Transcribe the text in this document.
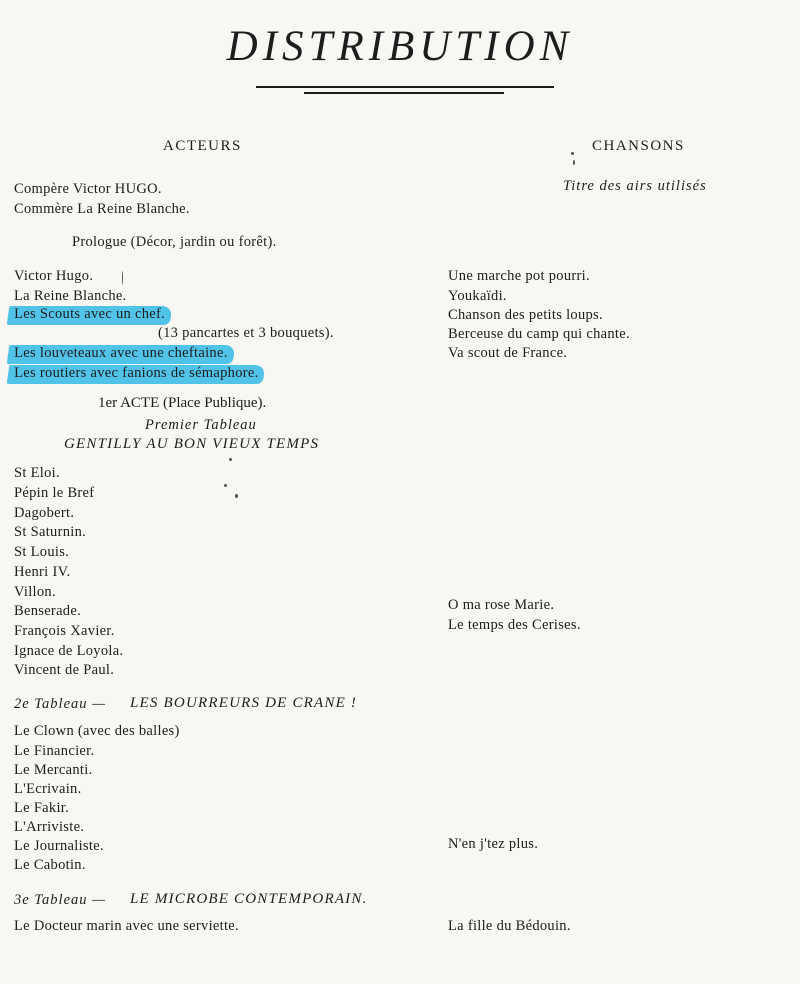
DISTRIBUTION
ACTEURS	CHANSONS
Titre des airs utilisés
Compère Victor HUGO.
Commère La Reine Blanche.
Prologue (Décor, jardin ou forêt).
Victor Hugo.
La Reine Blanche.
Les Scouts avec un chef.
(13 pancartes et 3 bouquets).
Les louveteaux avec une cheftaine.
Les routiers avec fanions de sémaphore.
Une marche pot pourri.
Youkaïdi.
Chanson des petits loups.
Berceuse du camp qui chante.
Va scout de France.
1er ACTE (Place Publique).
Premier Tableau
GENTILLY AU BON VIEUX TEMPS
St Eloi.
Pépin le Bref
Dagobert.
St Saturnin.
St Louis.
Henri IV.
Villon.
Benserade.
François Xavier.
Ignace de Loyola.
Vincent de Paul.
O ma rose Marie.
Le temps des Cerises.
2e Tableau — LES BOURREURS DE CRANE !
Le Clown (avec des balles)
Le Financier.
Le Mercanti.
L'Ecrivain.
Le Fakir.
L'Arriviste.
Le Journaliste.
Le Cabotin.
N'en j'tez plus.
3e Tableau — LE MICROBE CONTEMPORAIN.
Le Docteur marin avec une serviette.	La fille du Bédouin.
